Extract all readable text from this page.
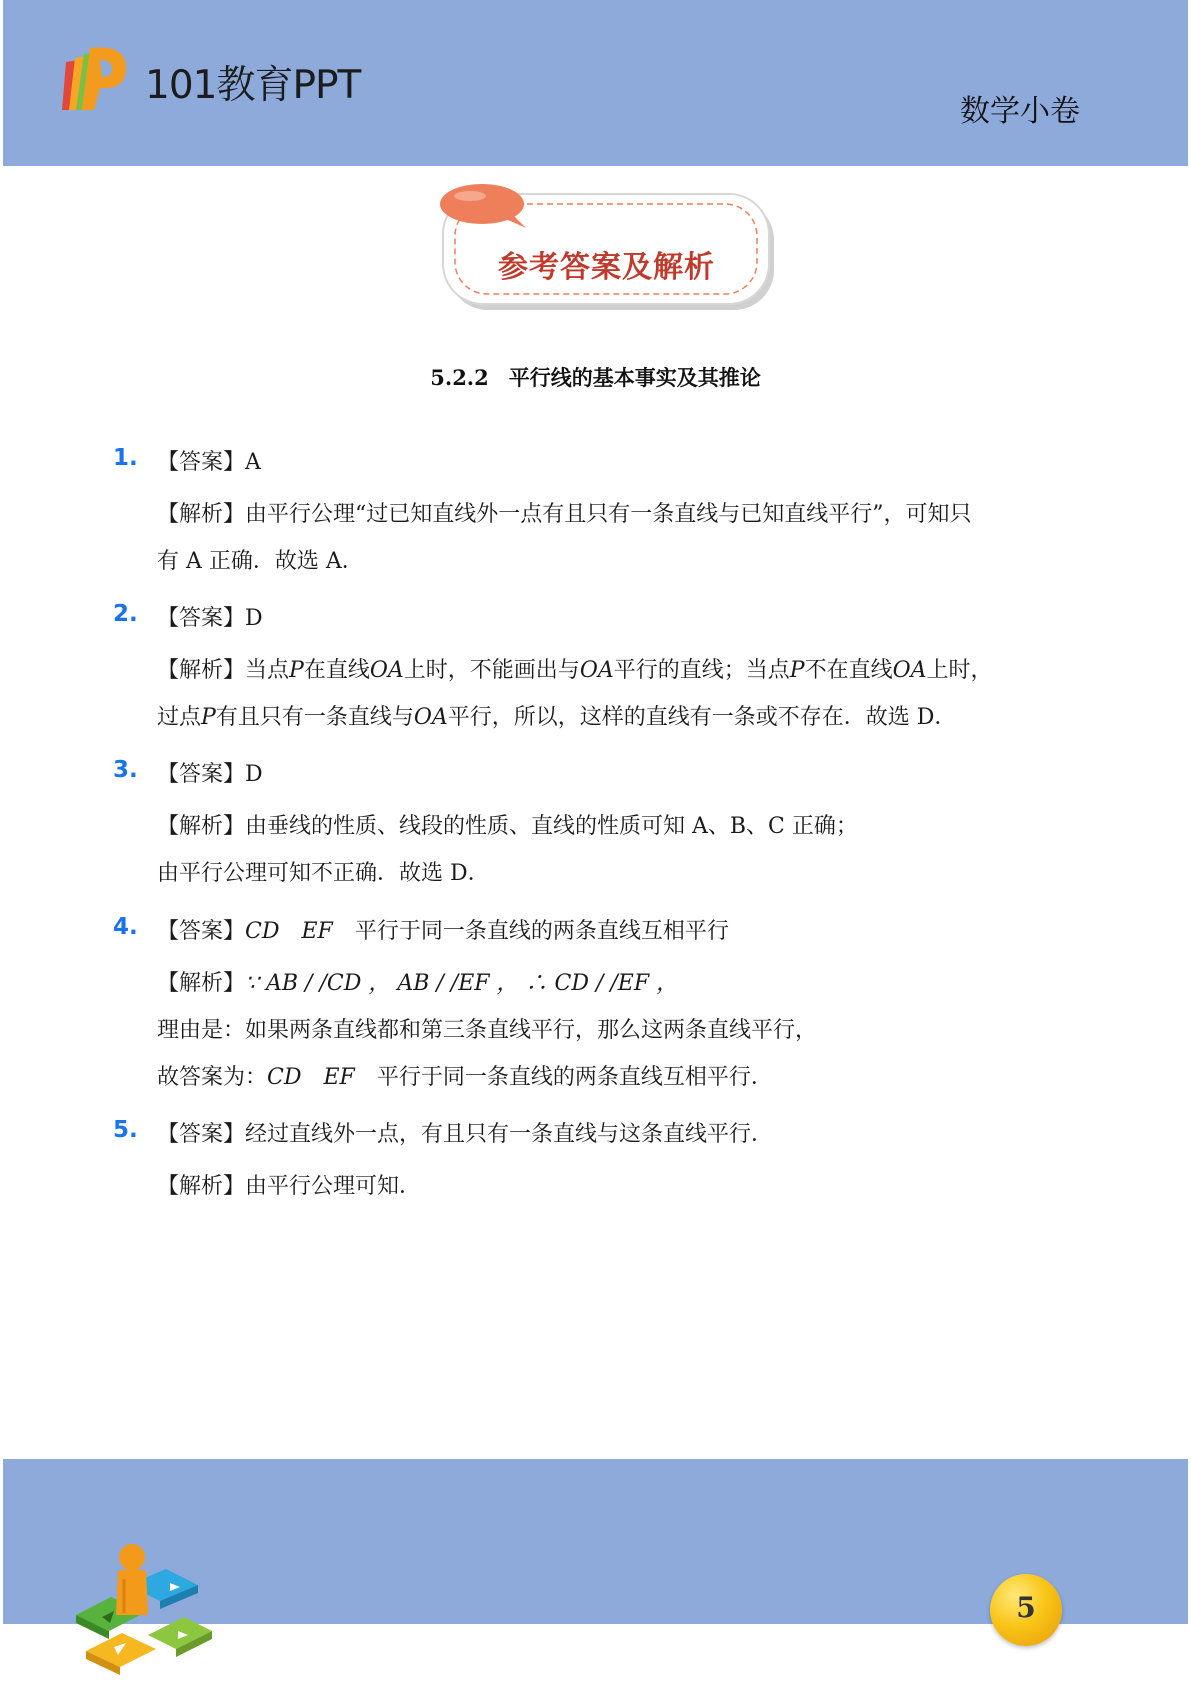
101教育PPT
数学小卷
参考答案及解析
5.2.2 平行线的基本事实及其推论
1. 【答案】A
【解析】由平行公理“过已知直线外一点有且只有一条直线与已知直线平行”，可知只
有 A 正确．故选 A．
2. 【答案】D
【解析】当点P在直线OA上时，不能画出与OA平行的直线；当点P不在直线OA上时，
过点P有且只有一条直线与OA平行，所以，这样的直线有一条或不存在．故选 D．
3. 【答案】D
【解析】由垂线的性质、线段的性质、直线的性质可知 A、B、C 正确；
由平行公理可知不正确．故选 D．
4. 【答案】CD EF 平行于同一条直线的两条直线互相平行
【解析】∵ AB / /CD ， AB / /EF ， ∴ CD / /EF ，
理由是：如果两条直线都和第三条直线平行，那么这两条直线平行，
故答案为：CD EF 平行于同一条直线的两条直线互相平行．
5. 【答案】经过直线外一点，有且只有一条直线与这条直线平行．
【解析】由平行公理可知．
5
